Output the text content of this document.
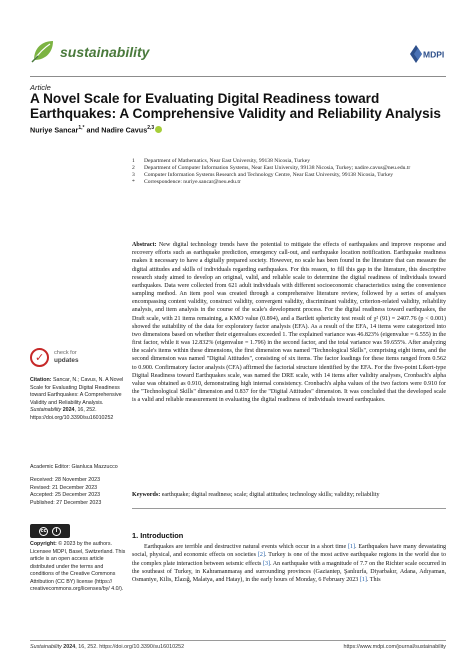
sustainability	MDPI
Article
A Novel Scale for Evaluating Digital Readiness toward Earthquakes: A Comprehensive Validity and Reliability Analysis
Nuriye Sancar$^{1,*}$ and Nadire Cavus$^{2,3}$
1	Department of Mathematics, Near East University, 99138 Nicosia, Turkey
2	Department of Computer Information Systems, Near East University, 99138 Nicosia, Turkey; nadire.cavus@neu.edu.tr
3	Computer Information Systems Research and Technology Centre, Near East University, 99138 Nicosia, Turkey
*	Correspondence: nuriye.sancar@neu.edu.tr
Abstract: New digital technology trends have the potential to mitigate the effects of earthquakes and improve response and recovery efforts such as earthquake prediction, emergency call-out, and earthquake location notification. Earthquake readiness makes it necessary to have a digitally prepared society. However, no scale has been found in the literature that can measure the digital attitudes and skills of individuals regarding earthquakes. For this reason, to fill this gap in the literature, this descriptive research study aimed to develop an original, valid, and reliable scale to determine the digital readiness of individuals toward earthquakes. Data were collected from 621 adult individuals with different socioeconomic characteristics using the convenience sampling method. An item pool was created through a comprehensive literature review, followed by a series of analyses encompassing content validity, construct validity, convergent validity, discriminant validity, criterion-related validity, reliability analysis, and item analysis in the course of the scale's development process. For the digital readiness toward earthquakes, the Draft scale, with 21 items remaining, a KMO value (0.894), and a Bartlett sphericity test result of χ² (91) = 2407.76 (p < 0.001) showed the suitability of the data for exploratory factor analysis (EFA). As a result of the EFA, 14 items were categorized into two dimensions based on whether their eigenvalues exceeded 1. The explained variance was 46.823% (eigenvalue = 6.555) in the first factor, while it was 12.832% (eigenvalue = 1.796) in the second factor, and the total variance was 59.655%. After analyzing the scale's items within these dimensions, the first dimension was named "Technological Skills", comprising eight items, and the second dimension was named "Digital Attitudes", consisting of six items. The factor loadings for these items ranged from 0.562 to 0.900. Confirmatory factor analysis (CFA) affirmed the factorial structure identified by the EFA. For the five-point Likert-type Digital Readiness toward Earthquakes scale, was named the DRE scale, with 14 items after validity analyses, Cronbach's alpha value was obtained as 0.910, demonstrating high internal consistency. Cronbach's alpha values of the two factors were 0.910 for the "Technological Skills" dimension and 0.837 for the "Digital Attitudes" dimension. It was concluded that the developed scale is a valid and reliable measurement in evaluating the digital readiness of individuals toward earthquakes.
Keywords: earthquake; digital readiness; scale; digital attitudes; technology skills; validity; reliability
1. Introduction
Earthquakes are terrible and destructive natural events which occur in a short time [1]. Earthquakes have many devastating social, physical, and economic effects on societies [2]. Turkey is one of the most active earthquake regions in the world due to the complex plate interaction between seismic effects [3]. An earthquake with a magnitude of 7.7 on the Richter scale occurred in the southeast of Turkey, in Kahramanmaraş and surrounding provinces (Gaziantep, Şanlıurfa, Diyarbakır, Adana, Adıyaman, Osmaniye, Kilis, Elazığ, Malatya, and Hatay), in the early hours of Monday, 6 February 2023 [1]. This
✓ check for
updates
Citation: Sancar, N.; Cavus, N. A Novel Scale for Evaluating Digital Readiness toward Earthquakes: A Comprehensive Validity and Reliability Analysis. Sustainability 2024, 16, 252. https://doi.org/10.3390/su16010252
Academic Editor: Gianluca Mazzucco
Received: 28 November 2023
Revised: 21 December 2023
Accepted: 25 December 2023
Published: 27 December 2023
cc	i
Copyright: © 2023 by the authors. Licensee MDPI, Basel, Switzerland. This article is an open access article distributed under the terms and conditions of the Creative Commons Attribution (CC BY) license (https:// creativecommons.org/licenses/by/ 4.0/).
Sustainability 2024, 16, 252. https://doi.org/10.3390/su16010252	https://www.mdpi.com/journal/sustainability
